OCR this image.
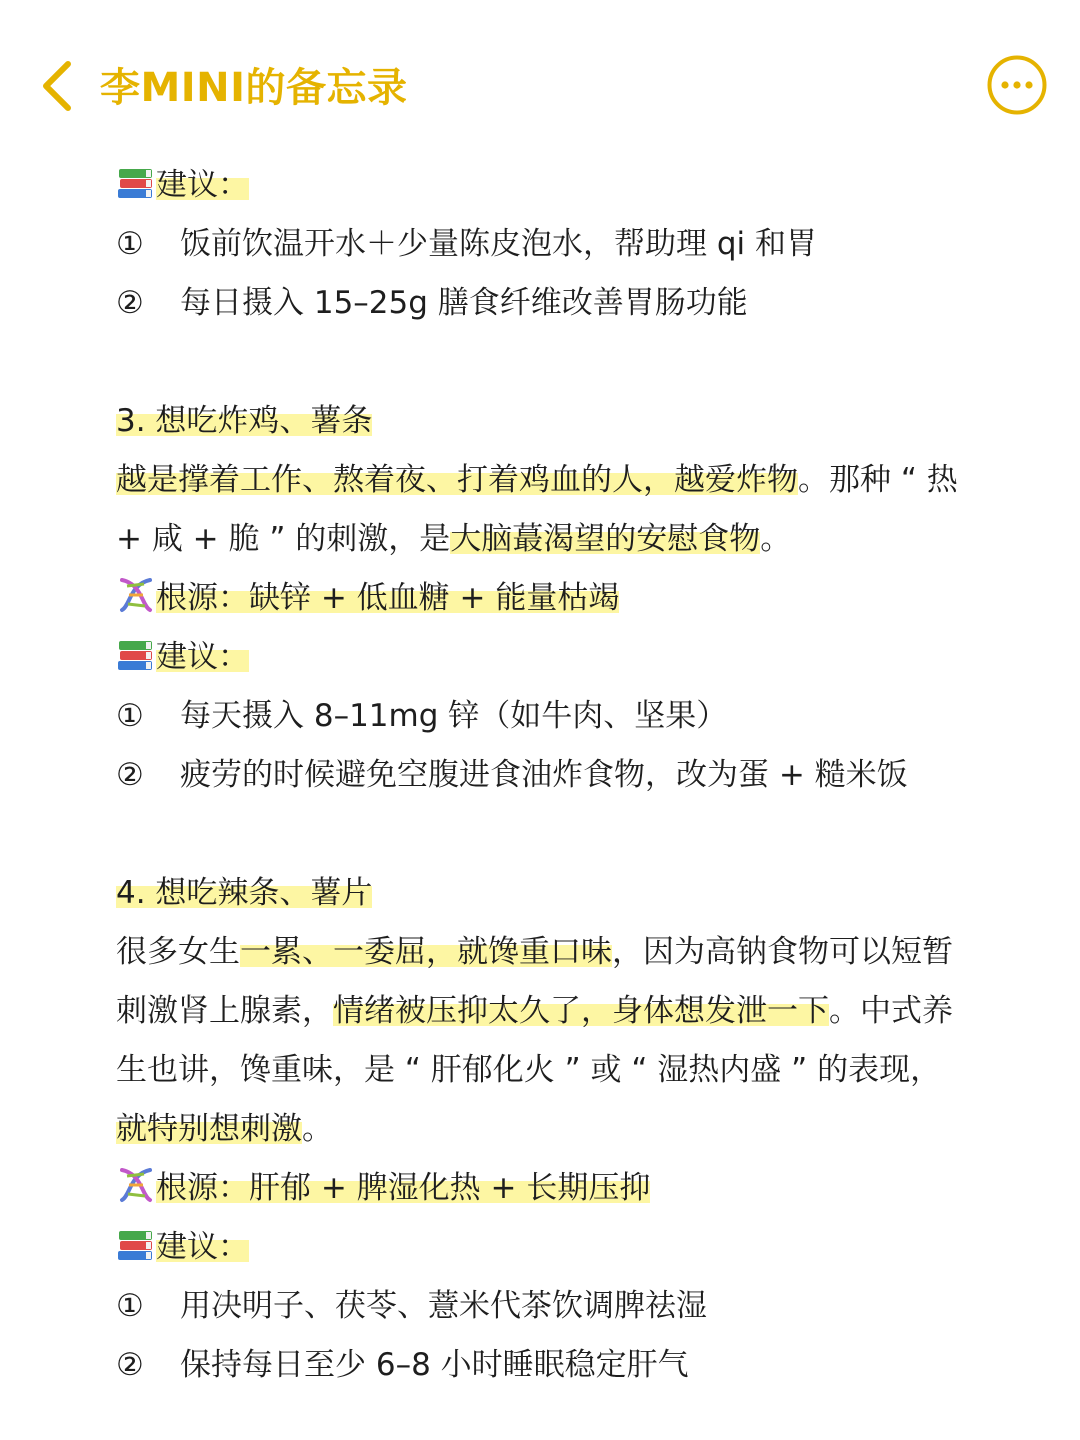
李MINI的备忘录
建议：
① 饭前饮温开水＋少量陈皮泡水，帮助理 qi 和胃
② 每日摄入 15–25g 膳食纤维改善胃肠功能
3. 想吃炸鸡、薯条
越是撑着工作、熬着夜、打着鸡血的人，越爱炸物。那种 “ 热 + 咸 + 脆 ” 的刺激，是大脑蕞渴望的安慰食物。
根源：缺锌 + 低血糖 + 能量枯竭
建议：
① 每天摄入 8–11mg 锌（如牛肉、坚果）
② 疲劳的时候避免空腹进食油炸食物，改为蛋 + 糙米饭
4. 想吃辣条、薯片
很多女生一累、一委屈，就馋重口味，因为高钠食物可以短暂刺激肾上腺素，情绪被压抑太久了，身体想发泄一下。中式养生也讲，馋重味，是 “ 肝郁化火 ” 或 “ 湿热内盛 ” 的表现，就特别想刺激。
根源：肝郁 + 脾湿化热 + 长期压抑
建议：
① 用决明子、茯苓、薏米代茶饮调脾祛湿
② 保持每日至少 6–8 小时睡眠稳定肝气
